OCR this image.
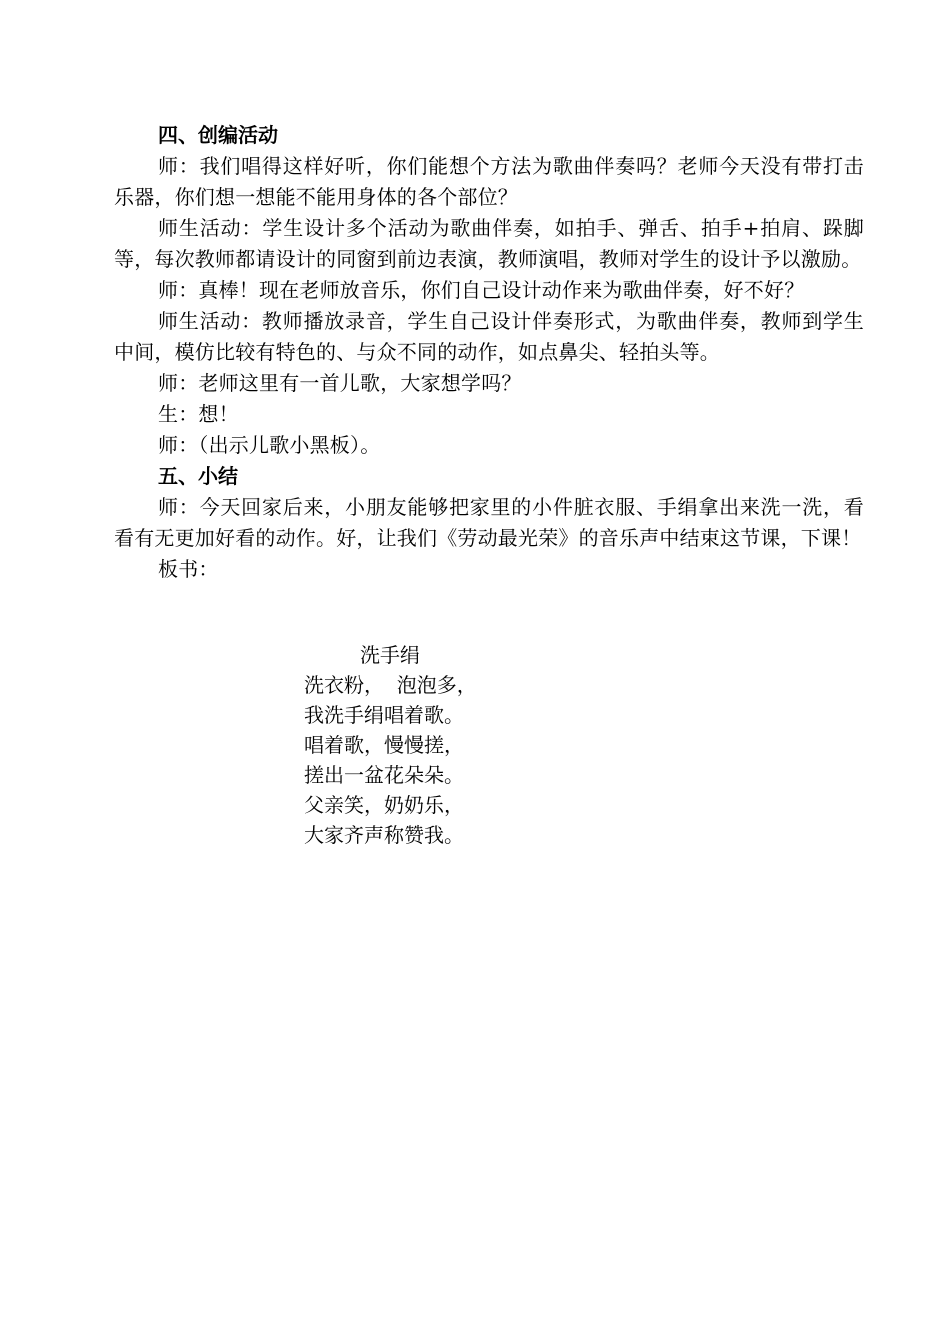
四、创编活动
师：我们唱得这样好听，你们能想个方法为歌曲伴奏吗？老师今天没有带打击乐器，你们想一想能不能用身体的各个部位？
师生活动：学生设计多个活动为歌曲伴奏，如拍手、弹舌、拍手+拍肩、跺脚等，每次教师都请设计的同窗到前边表演，教师演唱，教师对学生的设计予以激励。
师：真棒！现在老师放音乐，你们自己设计动作来为歌曲伴奏，好不好？
师生活动：教师播放录音，学生自己设计伴奏形式，为歌曲伴奏，教师到学生中间，模仿比较有特色的、与众不同的动作，如点鼻尖、轻拍头等。
师：老师这里有一首儿歌，大家想学吗？
生：想！
师：（出示儿歌小黑板）。
五、小结
师：今天回家后来，小朋友能够把家里的小件脏衣服、手绢拿出来洗一洗，看看有无更加好看的动作。好，让我们《劳动最光荣》的音乐声中结束这节课，下课！
板书：
洗手绢
洗衣粉，  泡泡多，
我洗手绢唱着歌。
唱着歌，慢慢搓，
搓出一盆花朵朵。
父亲笑，奶奶乐，
大家齐声称赞我。
